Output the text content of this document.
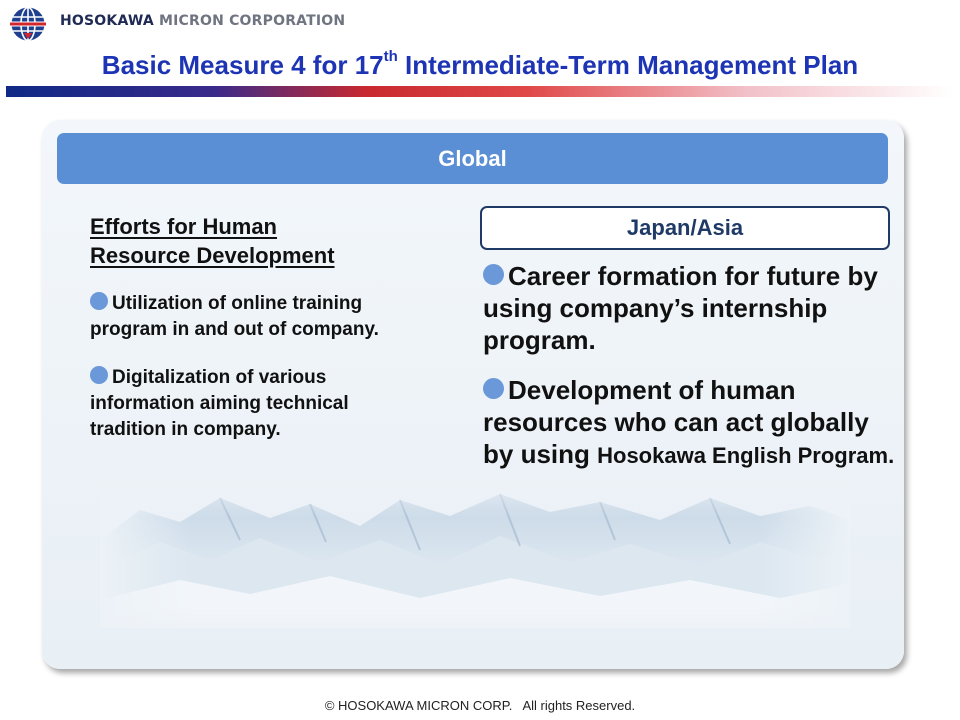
HOSOKAWA MICRON CORPORATION
Basic Measure 4 for 17th Intermediate-Term Management Plan
Global

Efforts for Human
Resource Development

Utilization of online training program in and out of company.

Digitalization of various information aiming technical tradition in company.

Japan/Asia

Career formation for future by using company’s internship program.

Development of human resources who can act globally by using Hosokawa English Program.

© HOSOKAWA MICRON CORP.   All rights Reserved.
